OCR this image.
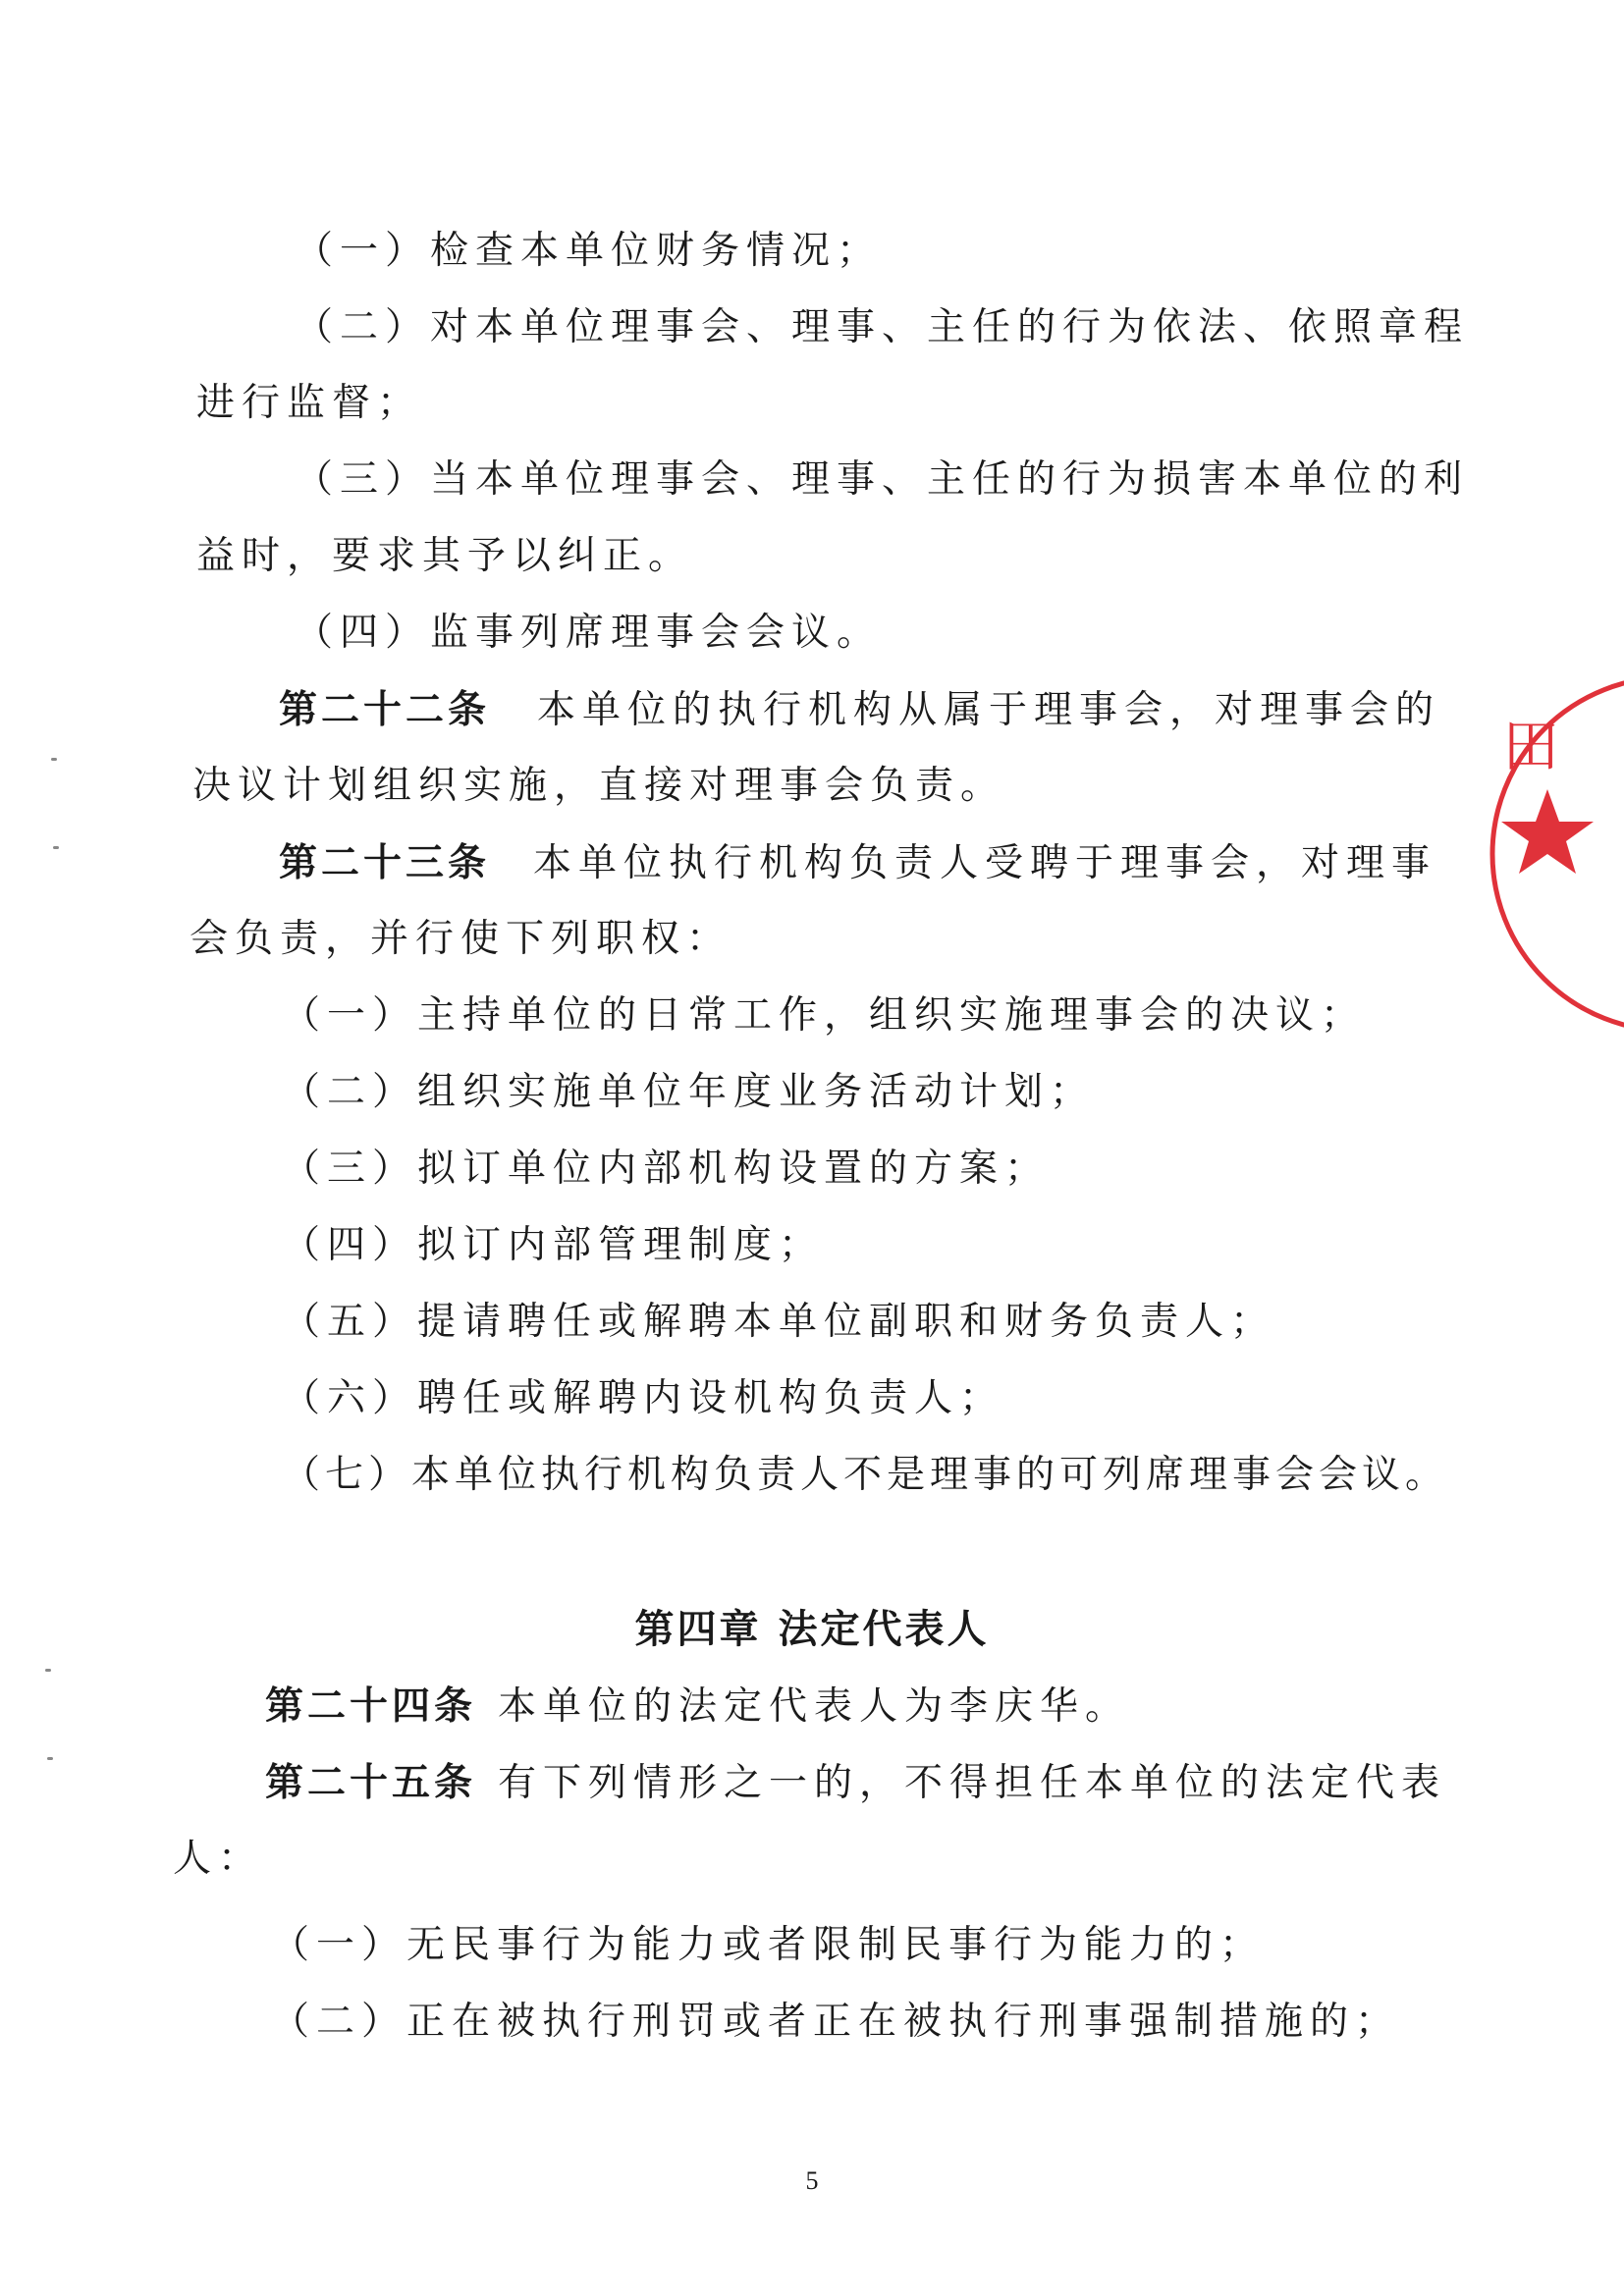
（一）检查本单位财务情况；
（二）对本单位理事会、理事、主任的行为依法、依照章程
进行监督；
（三）当本单位理事会、理事、主任的行为损害本单位的利
益时，要求其予以纠正。
（四）监事列席理事会会议。
第二十二条 本单位的执行机构从属于理事会，对理事会的
决议计划组织实施，直接对理事会负责。
第二十三条 本单位执行机构负责人受聘于理事会，对理事
会负责，并行使下列职权：
（一）主持单位的日常工作，组织实施理事会的决议；
（二）组织实施单位年度业务活动计划；
（三）拟订单位内部机构设置的方案；
（四）拟订内部管理制度；
（五）提请聘任或解聘本单位副职和财务负责人；
（六）聘任或解聘内设机构负责人；
（七）本单位执行机构负责人不是理事的可列席理事会会议。
第四章 法定代表人
第二十四条 本单位的法定代表人为李庆华。
第二十五条 有下列情形之一的，不得担任本单位的法定代表
人：
（一）无民事行为能力或者限制民事行为能力的；
（二）正在被执行刑罚或者正在被执行刑事强制措施的；
5
田
